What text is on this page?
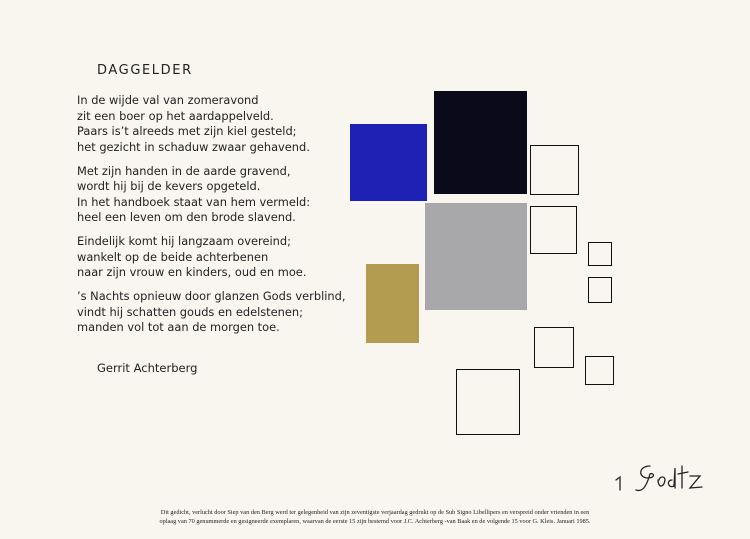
DAGGELDER
In de wijde val van zomeravond
zit een boer op het aardappelveld.
Paars is’t alreeds met zijn kiel gesteld;
het gezicht in schaduw zwaar gehavend.
Met zijn handen in de aarde gravend,
wordt hij bij de kevers opgeteld.
In het handboek staat van hem vermeld:
heel een leven om den brode slavend.
Eindelijk komt hij langzaam overeind;
wankelt op de beide achterbenen
naar zijn vrouw en kinders, oud en moe.
’s Nachts opnieuw door glanzen Gods verblind,
vindt hij schatten gouds en edelstenen;
manden vol tot aan de morgen toe.
Gerrit Achterberg
Dit gedicht, verlucht door Siep van den Berg werd ter gelegenheid van zijn zeventigste verjaardag gedrukt op de Sub Signo Libellipers en verspreid onder vrienden in een
oplaag van 70 genummerde en gesigneerde exemplaren, waarvan de eerste 15 zijn bestemd voor J.C. Achterberg -van Baak en de volgende 15 voor G. Kleis. Januari 1985.
